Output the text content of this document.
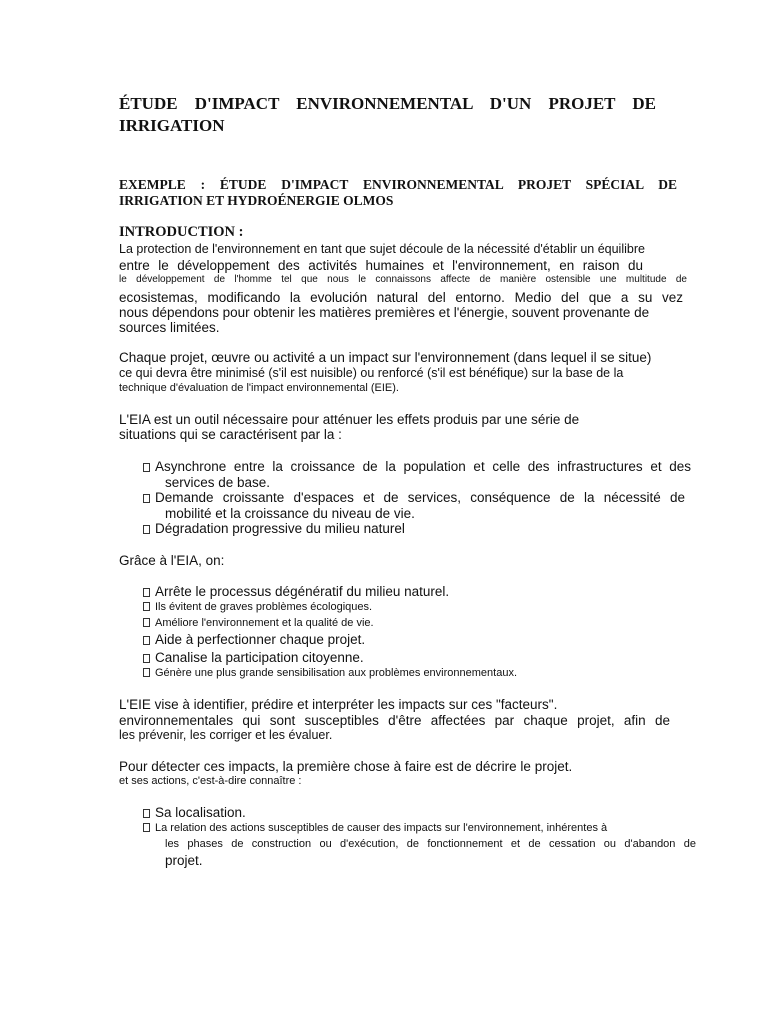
ÉTUDE D'IMPACT ENVIRONNEMENTAL D'UN PROJET DE IRRIGATION
EXEMPLE : ÉTUDE D'IMPACT ENVIRONNEMENTAL PROJET SPÉCIAL DE IRRIGATION ET HYDROÉNERGIE OLMOS
INTRODUCTION :
La protection de l'environnement en tant que sujet découle de la nécessité d'établir un équilibre
entre le développement des activités humaines et l'environnement, en raison du
le développement de l'homme tel que nous le connaissons affecte de manière ostensible une multitude de
ecosistemas, modificando la evolución natural del entorno. Medio del que a su vez
nous dépendons pour obtenir les matières premières et l'énergie, souvent provenante de
sources limitées.
Chaque projet, œuvre ou activité a un impact sur l'environnement (dans lequel il se situe)
ce qui devra être minimisé (s'il est nuisible) ou renforcé (s'il est bénéfique) sur la base de la
technique d'évaluation de l'impact environnemental (EIE).
L'EIA est un outil nécessaire pour atténuer les effets produis par une série de
situations qui se caractérisent par la :
Asynchrone entre la croissance de la population et celle des infrastructures et des
services de base.
Demande croissante d'espaces et de services, conséquence de la nécessité de
mobilité et la croissance du niveau de vie.
Dégradation progressive du milieu naturel
Grâce à l'EIA, on:
Arrête le processus dégénératif du milieu naturel.
Ils évitent de graves problèmes écologiques.
Améliore l'environnement et la qualité de vie.
Aide à perfectionner chaque projet.
Canalise la participation citoyenne.
Génère une plus grande sensibilisation aux problèmes environnementaux.
L'EIE vise à identifier, prédire et interpréter les impacts sur ces "facteurs".
environnementales qui sont susceptibles d'être affectées par chaque projet, afin de
les prévenir, les corriger et les évaluer.
Pour détecter ces impacts, la première chose à faire est de décrire le projet.
et ses actions, c'est-à-dire connaître :
Sa localisation.
La relation des actions susceptibles de causer des impacts sur l'environnement, inhérentes à
les phases de construction ou d'exécution, de fonctionnement et de cessation ou d'abandon de
projet.
